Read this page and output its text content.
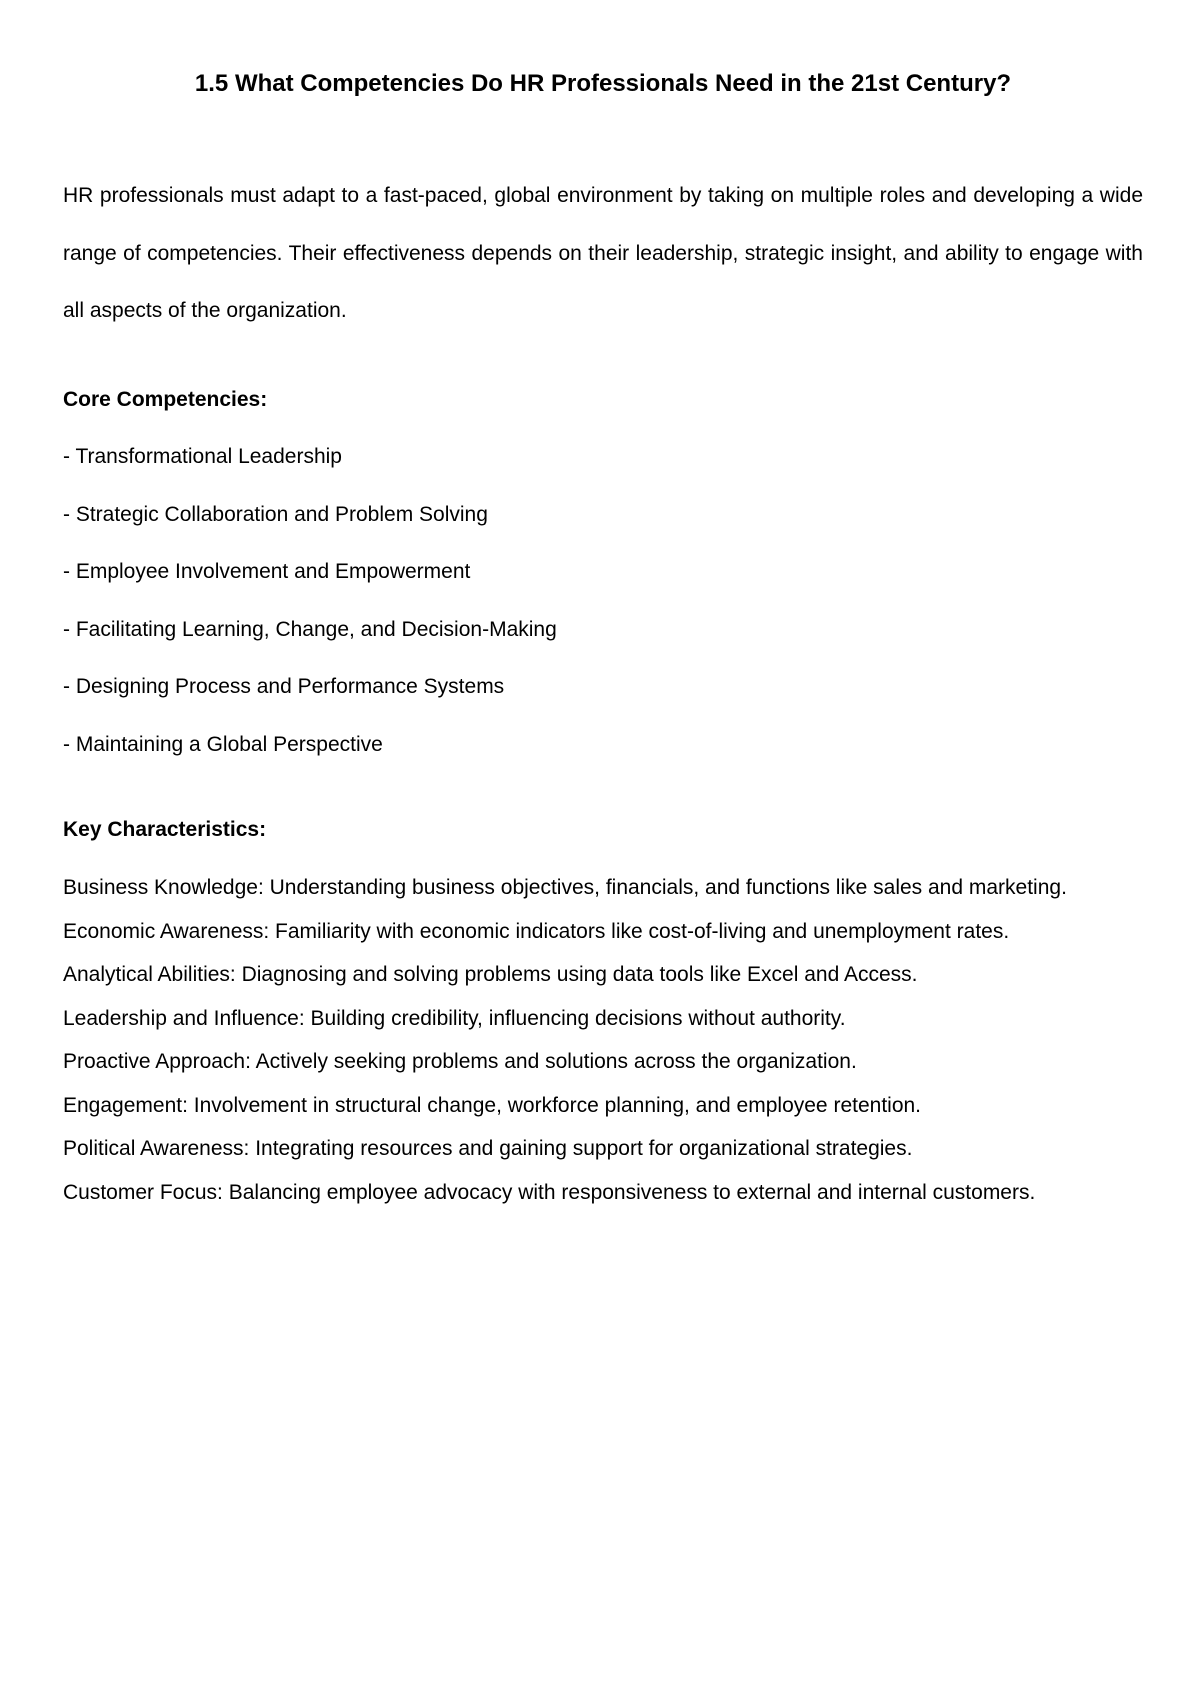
1.5 What Competencies Do HR Professionals Need in the 21st Century?

HR professionals must adapt to a fast-paced, global environment by taking on multiple roles and developing a wide range of competencies. Their effectiveness depends on their leadership, strategic insight, and ability to engage with all aspects of the organization.

Core Competencies:
- Transformational Leadership
- Strategic Collaboration and Problem Solving
- Employee Involvement and Empowerment
- Facilitating Learning, Change, and Decision-Making
- Designing Process and Performance Systems
- Maintaining a Global Perspective
Key Characteristics:
Business Knowledge: Understanding business objectives, financials, and functions like sales and marketing.
Economic Awareness: Familiarity with economic indicators like cost-of-living and unemployment rates.
Analytical Abilities: Diagnosing and solving problems using data tools like Excel and Access.
Leadership and Influence: Building credibility, influencing decisions without authority.
Proactive Approach: Actively seeking problems and solutions across the organization.
Engagement: Involvement in structural change, workforce planning, and employee retention.
Political Awareness: Integrating resources and gaining support for organizational strategies.
Customer Focus: Balancing employee advocacy with responsiveness to external and internal customers.
